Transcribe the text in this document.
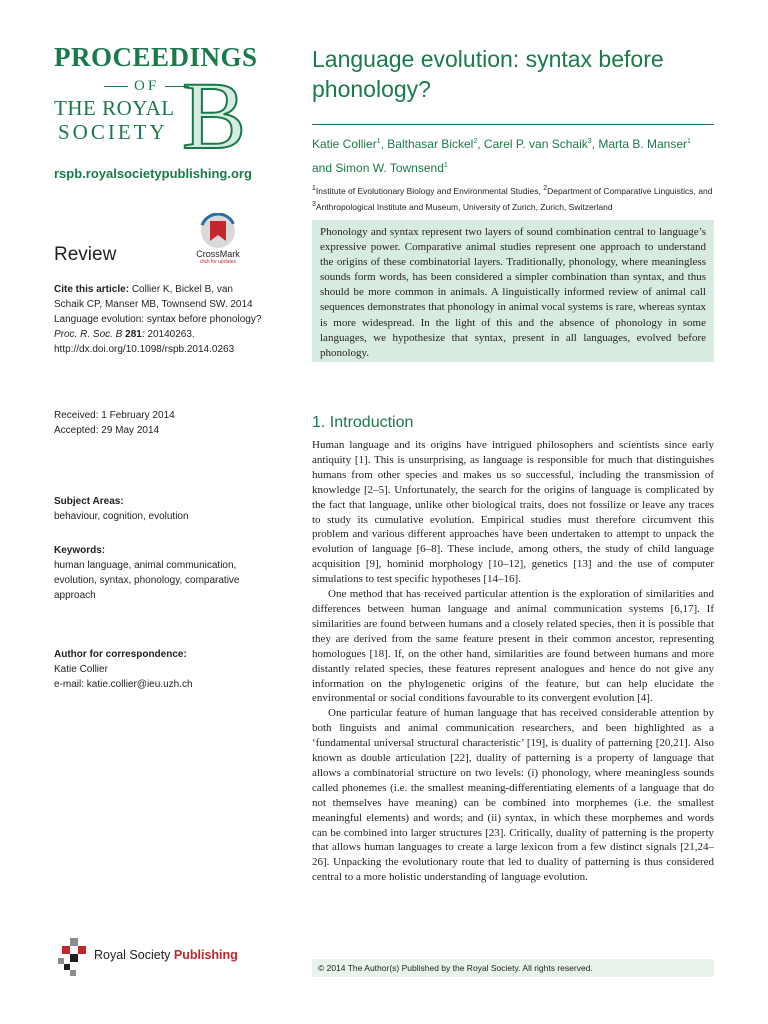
B
PROCEEDINGS
OF
THE ROYAL
SOCIETY
rspb.royalsocietypublishing.org
Review	CrossMark
click for updates
Cite this article: Collier K, Bickel B, van Schaik CP, Manser MB, Townsend SW. 2014 Language evolution: syntax before phonology?
Proc. R. Soc. B 281: 20140263.
http://dx.doi.org/10.1098/rspb.2014.0263
Received: 1 February 2014
Accepted: 29 May 2014
Subject Areas:
behaviour, cognition, evolution
Keywords:
human language, animal communication, evolution, syntax, phonology, comparative approach
Author for correspondence:
Katie Collier
e-mail: katie.collier@ieu.uzh.ch
Royal Society Publishing
Language evolution: syntax before phonology?
Katie Collier$^1$, Balthasar Bickel$^2$, Carel P. van Schaik$^3$, Marta B. Manser$^1$
and Simon W. Townsend$^1$
$^1$Institute of Evolutionary Biology and Environmental Studies, $^2$Department of Comparative Linguistics, and
$^3$Anthropological Institute and Museum, University of Zurich, Zurich, Switzerland

Phonology and syntax represent two layers of sound combination central to language’s expressive power. Comparative animal studies represent one approach to understand the origins of these combinatorial layers. Traditionally, phonology, where meaningless sounds form words, has been considered a simpler combination than syntax, and thus should be more common in animals. A linguistically informed review of animal call sequences demonstrates that phonology in animal vocal systems is rare, whereas syntax is more widespread. In the light of this and the absence of phonology in some languages, we hypothesize that syntax, present in all languages, evolved before phonology.

1. Introduction

Human language and its origins have intrigued philosophers and scientists since early antiquity [1]. This is unsurprising, as language is responsible for much that distinguishes humans from other species and makes us so successful, including the transmission of knowledge [2–5]. Unfortunately, the search for the origins of language is complicated by the fact that language, unlike other biological traits, does not fossilize or leave any traces to study its cumulative evolution. Empirical studies must therefore circumvent this problem and various different approaches have been undertaken to attempt to unpack the evolution of language [6–8]. These include, among others, the study of child language acquisition [9], hominid morphology [10–12], genetics [13] and the use of computer simulations to test specific hypotheses [14–16].

One method that has received particular attention is the exploration of similarities and differences between human language and animal communication systems [6,17]. If similarities are found between humans and a closely related species, then it is possible that they are derived from the same feature present in their common ancestor, representing homologues [18]. If, on the other hand, similarities are found between humans and more distantly related species, these features represent analogues and hence do not give any information on the phylogenetic origins of the feature, but can help elucidate the environmental or social conditions favourable to its convergent evolution [4].

One particular feature of human language that has received considerable attention by both linguists and animal communication researchers, and been highlighted as a ‘fundamental universal structural characteristic’ [19], is duality of patterning [20,21]. Also known as double articulation [22], duality of patterning is a property of language that allows a combinatorial structure on two levels: (i) phonology, where meaningless sounds called phonemes (i.e. the smallest meaning-differentiating elements of a language that do not themselves have meaning) can be combined into morphemes (i.e. the smallest meaningful elements) and words; and (ii) syntax, in which these morphemes and words can be combined into larger structures [23]. Critically, duality of patterning is the property that allows human languages to create a large lexicon from a few distinct signals [21,24–26]. Unpacking the evolutionary route that led to duality of patterning is thus considered central to a more holistic understanding of language evolution.

© 2014 The Author(s) Published by the Royal Society. All rights reserved.
